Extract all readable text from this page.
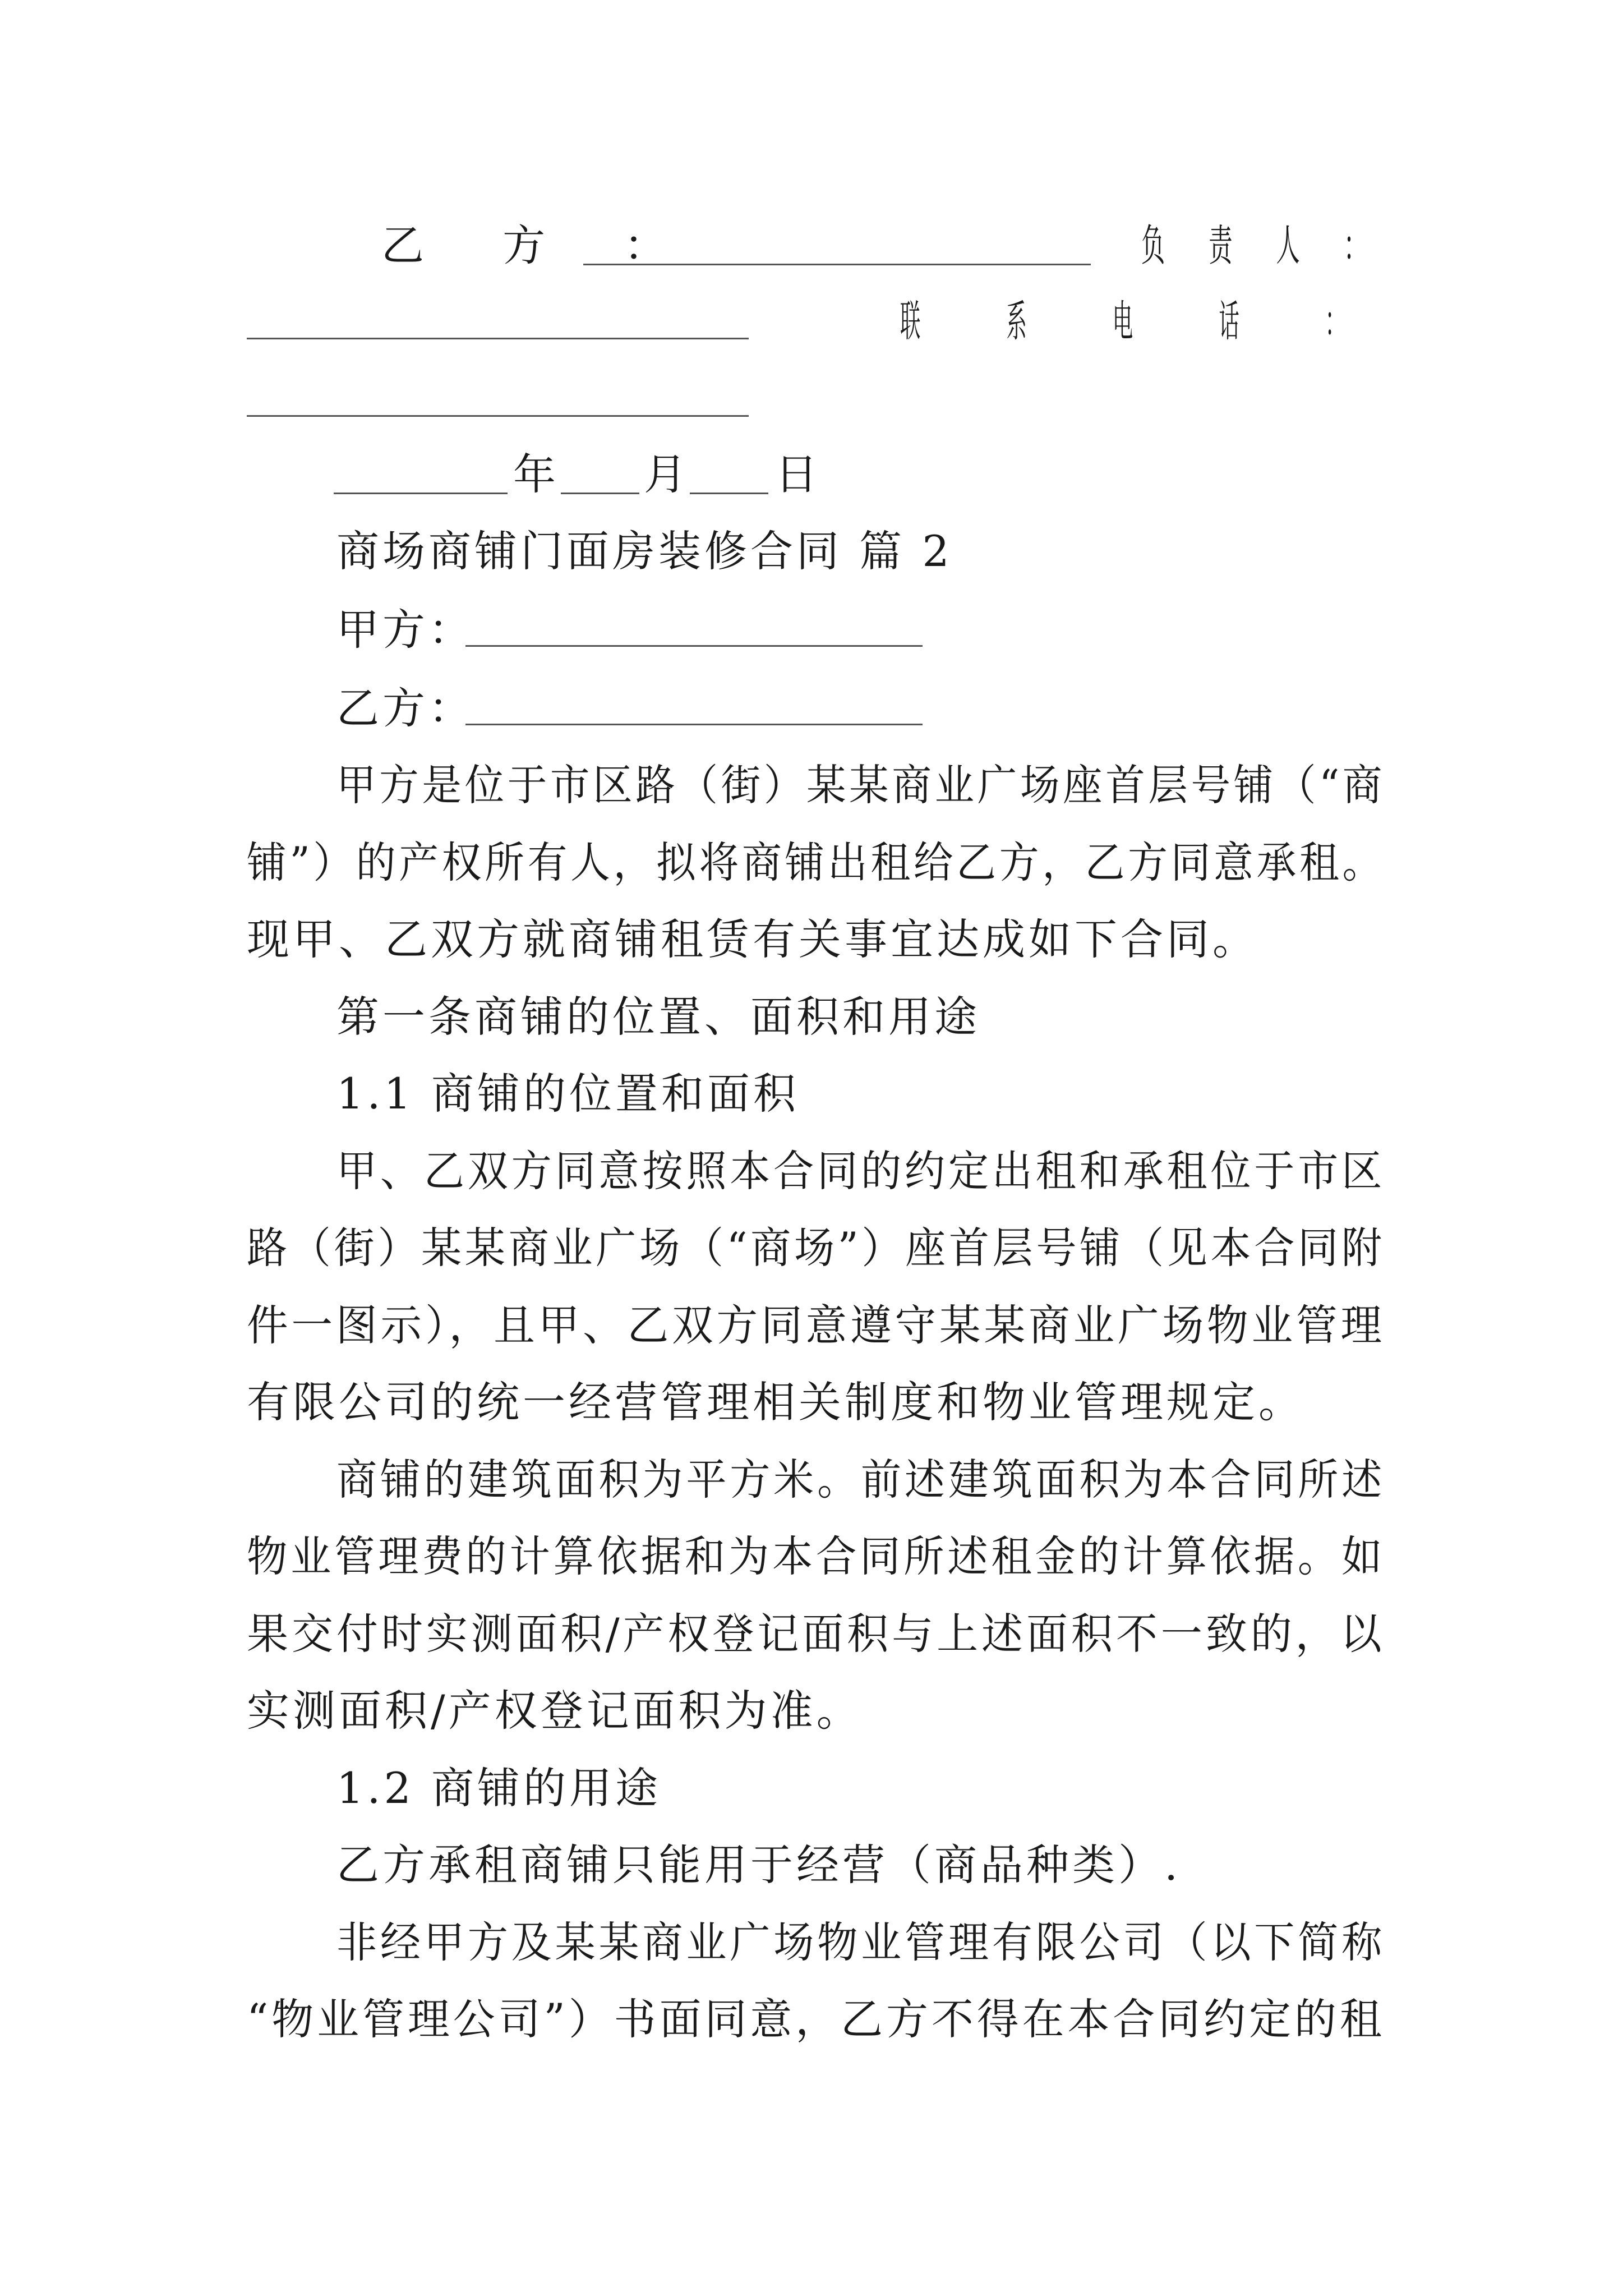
乙 方 ：	负 责 人 ：
联 系 电 话 ：
年 月 日
商场商铺门面房装修合同 篇 2
甲方：
乙方：
甲方是位于市区路（街）某某商业广场座首层号铺（“商
铺”）的产权所有人，拟将商铺出租给乙方，乙方同意承租。
现甲、乙双方就商铺租赁有关事宜达成如下合同。
第一条商铺的位置、面积和用途
1.1 商铺的位置和面积
甲、乙双方同意按照本合同的约定出租和承租位于市区
路（街）某某商业广场（“商场”）座首层号铺（见本合同附
件一图示），且甲、乙双方同意遵守某某商业广场物业管理
有限公司的统一经营管理相关制度和物业管理规定。
商铺的建筑面积为平方米。前述建筑面积为本合同所述
物业管理费的计算依据和为本合同所述租金的计算依据。如
果交付时实测面积/产权登记面积与上述面积不一致的，以
实测面积/产权登记面积为准。
1.2 商铺的用途
乙方承租商铺只能用于经营（商品种类）.
非经甲方及某某商业广场物业管理有限公司（以下简称
“物业管理公司”）书面同意，乙方不得在本合同约定的租
